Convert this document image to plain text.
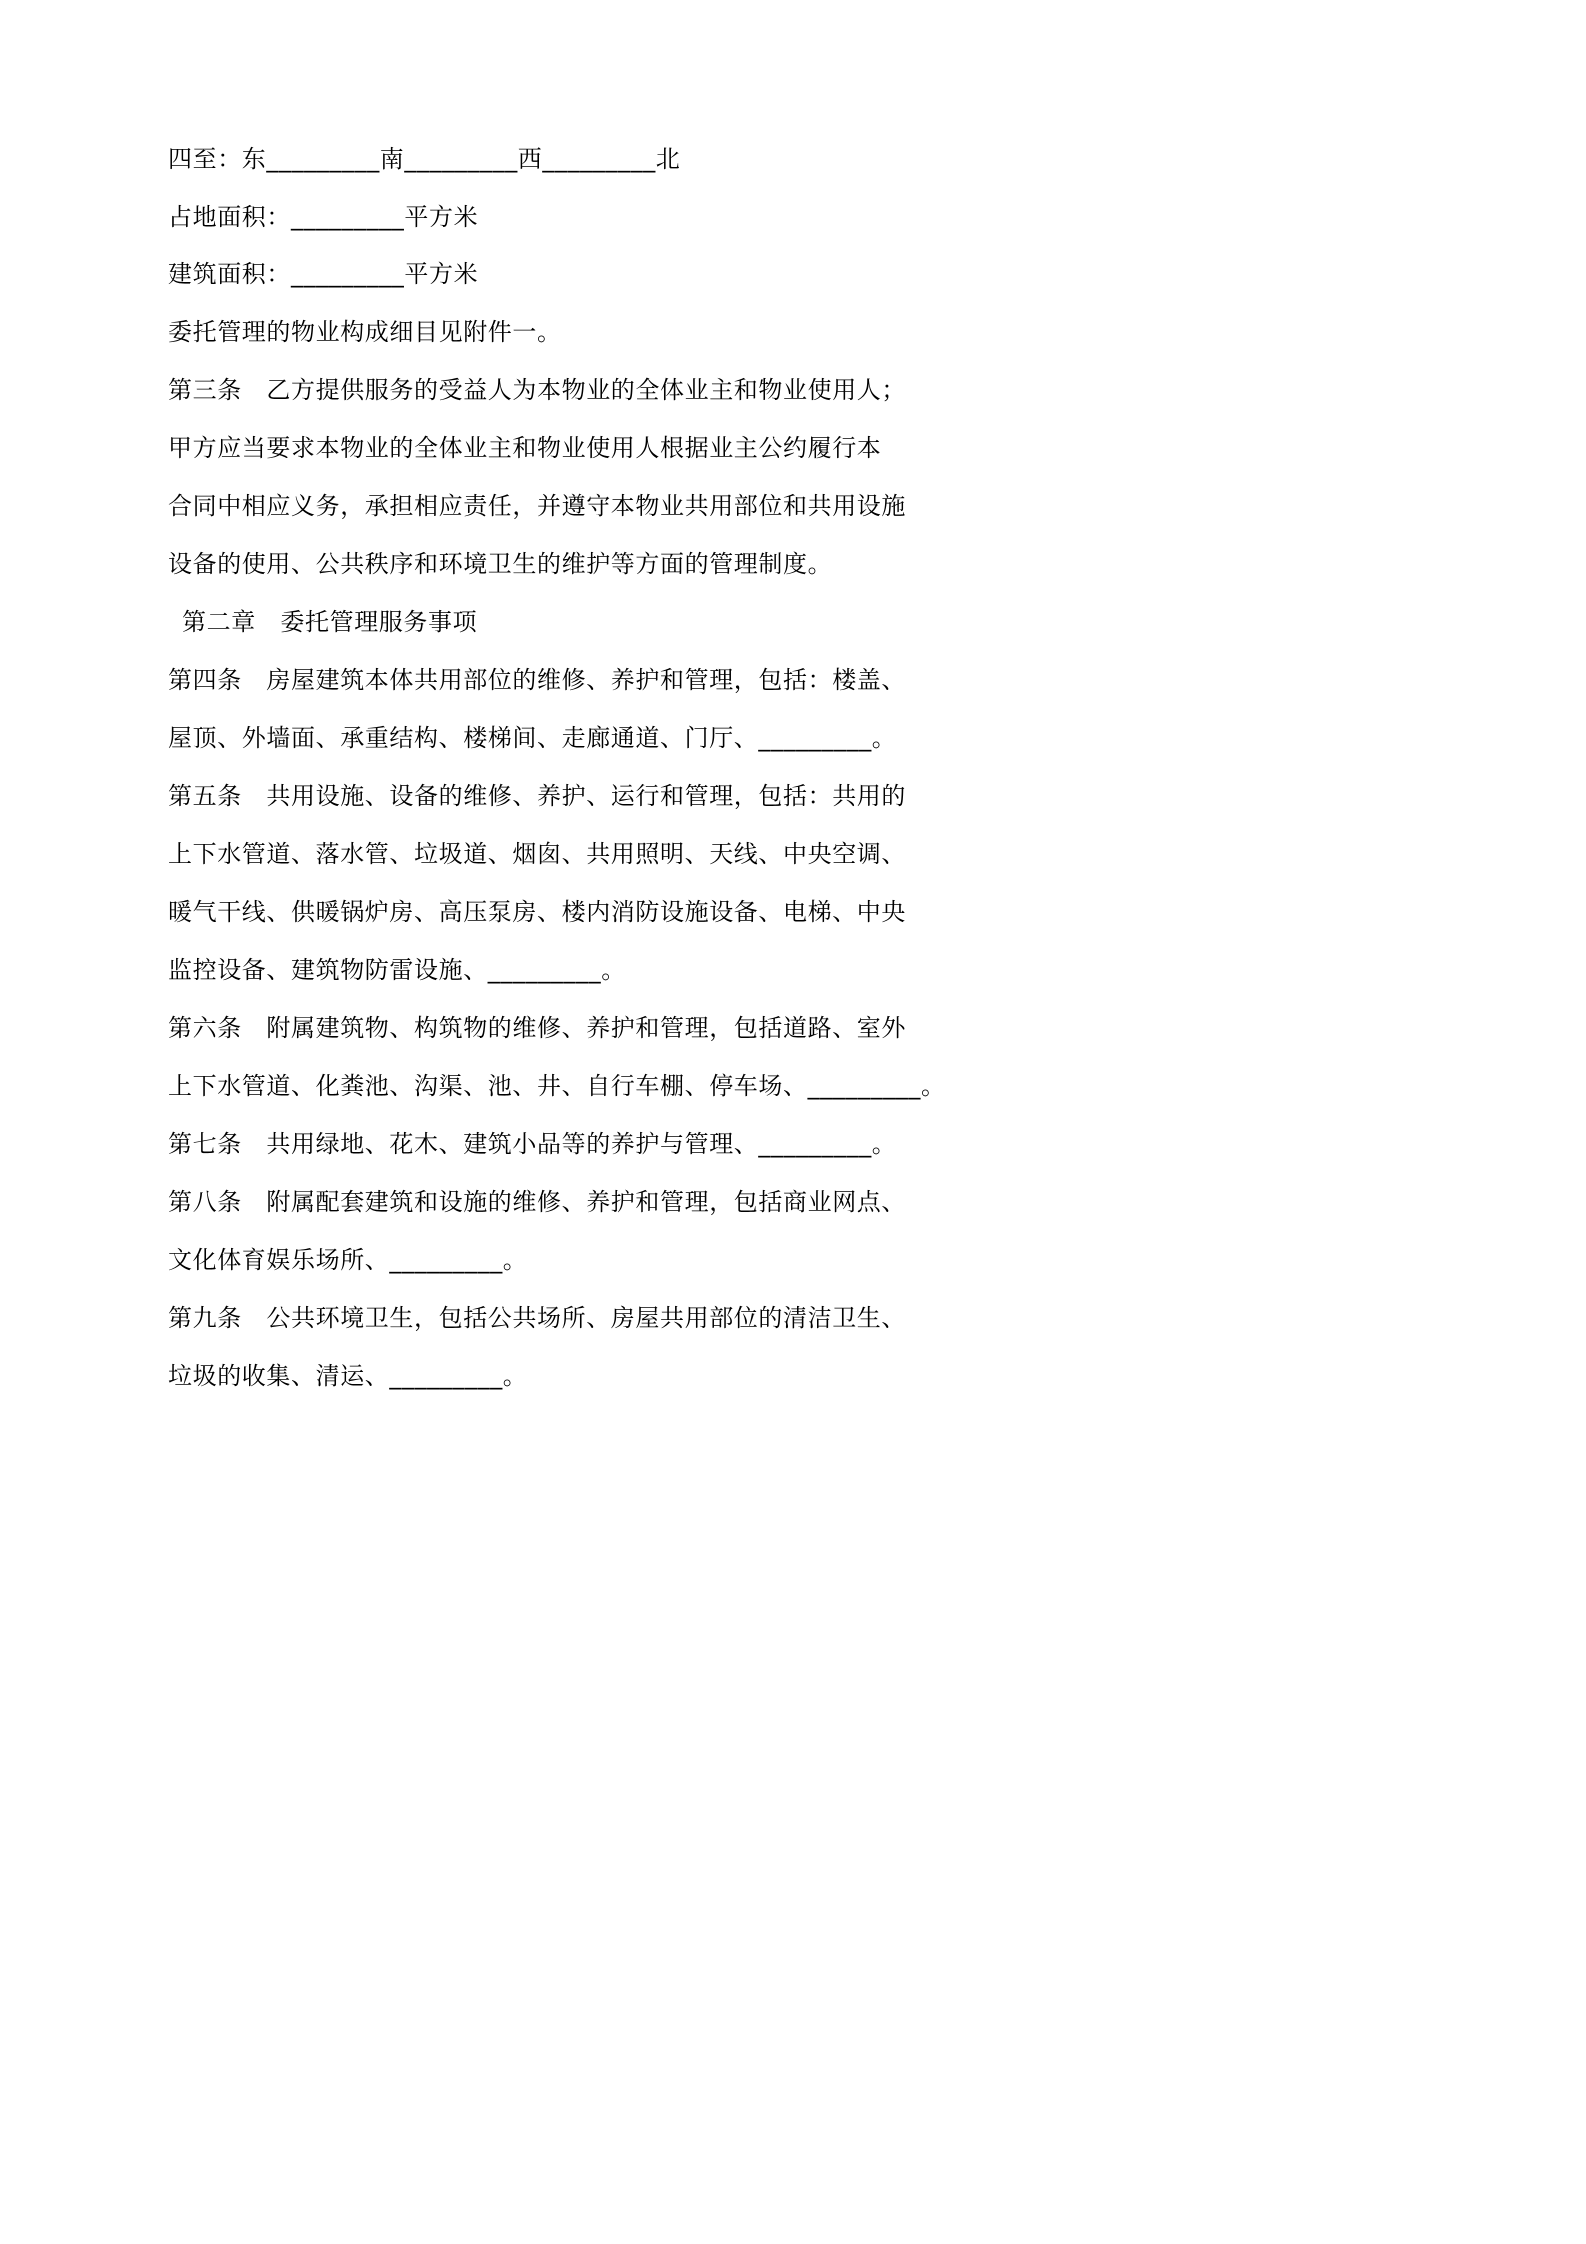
四至：东_________南_________西_________北
占地面积：_________平方米
建筑面积：_________平方米
委托管理的物业构成细目见附件一。
第三条　乙方提供服务的受益人为本物业的全体业主和物业使用人；
甲方应当要求本物业的全体业主和物业使用人根据业主公约履行本
合同中相应义务，承担相应责任，并遵守本物业共用部位和共用设施
设备的使用、公共秩序和环境卫生的维护等方面的管理制度。
第二章　委托管理服务事项
第四条　房屋建筑本体共用部位的维修、养护和管理，包括：楼盖、
屋顶、外墙面、承重结构、楼梯间、走廊通道、门厅、_________。
第五条　共用设施、设备的维修、养护、运行和管理，包括：共用的
上下水管道、落水管、垃圾道、烟囱、共用照明、天线、中央空调、
暖气干线、供暖锅炉房、高压泵房、楼内消防设施设备、电梯、中央
监控设备、建筑物防雷设施、_________。
第六条　附属建筑物、构筑物的维修、养护和管理，包括道路、室外
上下水管道、化粪池、沟渠、池、井、自行车棚、停车场、_________。
第七条　共用绿地、花木、建筑小品等的养护与管理、_________。
第八条　附属配套建筑和设施的维修、养护和管理，包括商业网点、
文化体育娱乐场所、_________。
第九条　公共环境卫生，包括公共场所、房屋共用部位的清洁卫生、
垃圾的收集、清运、_________。
